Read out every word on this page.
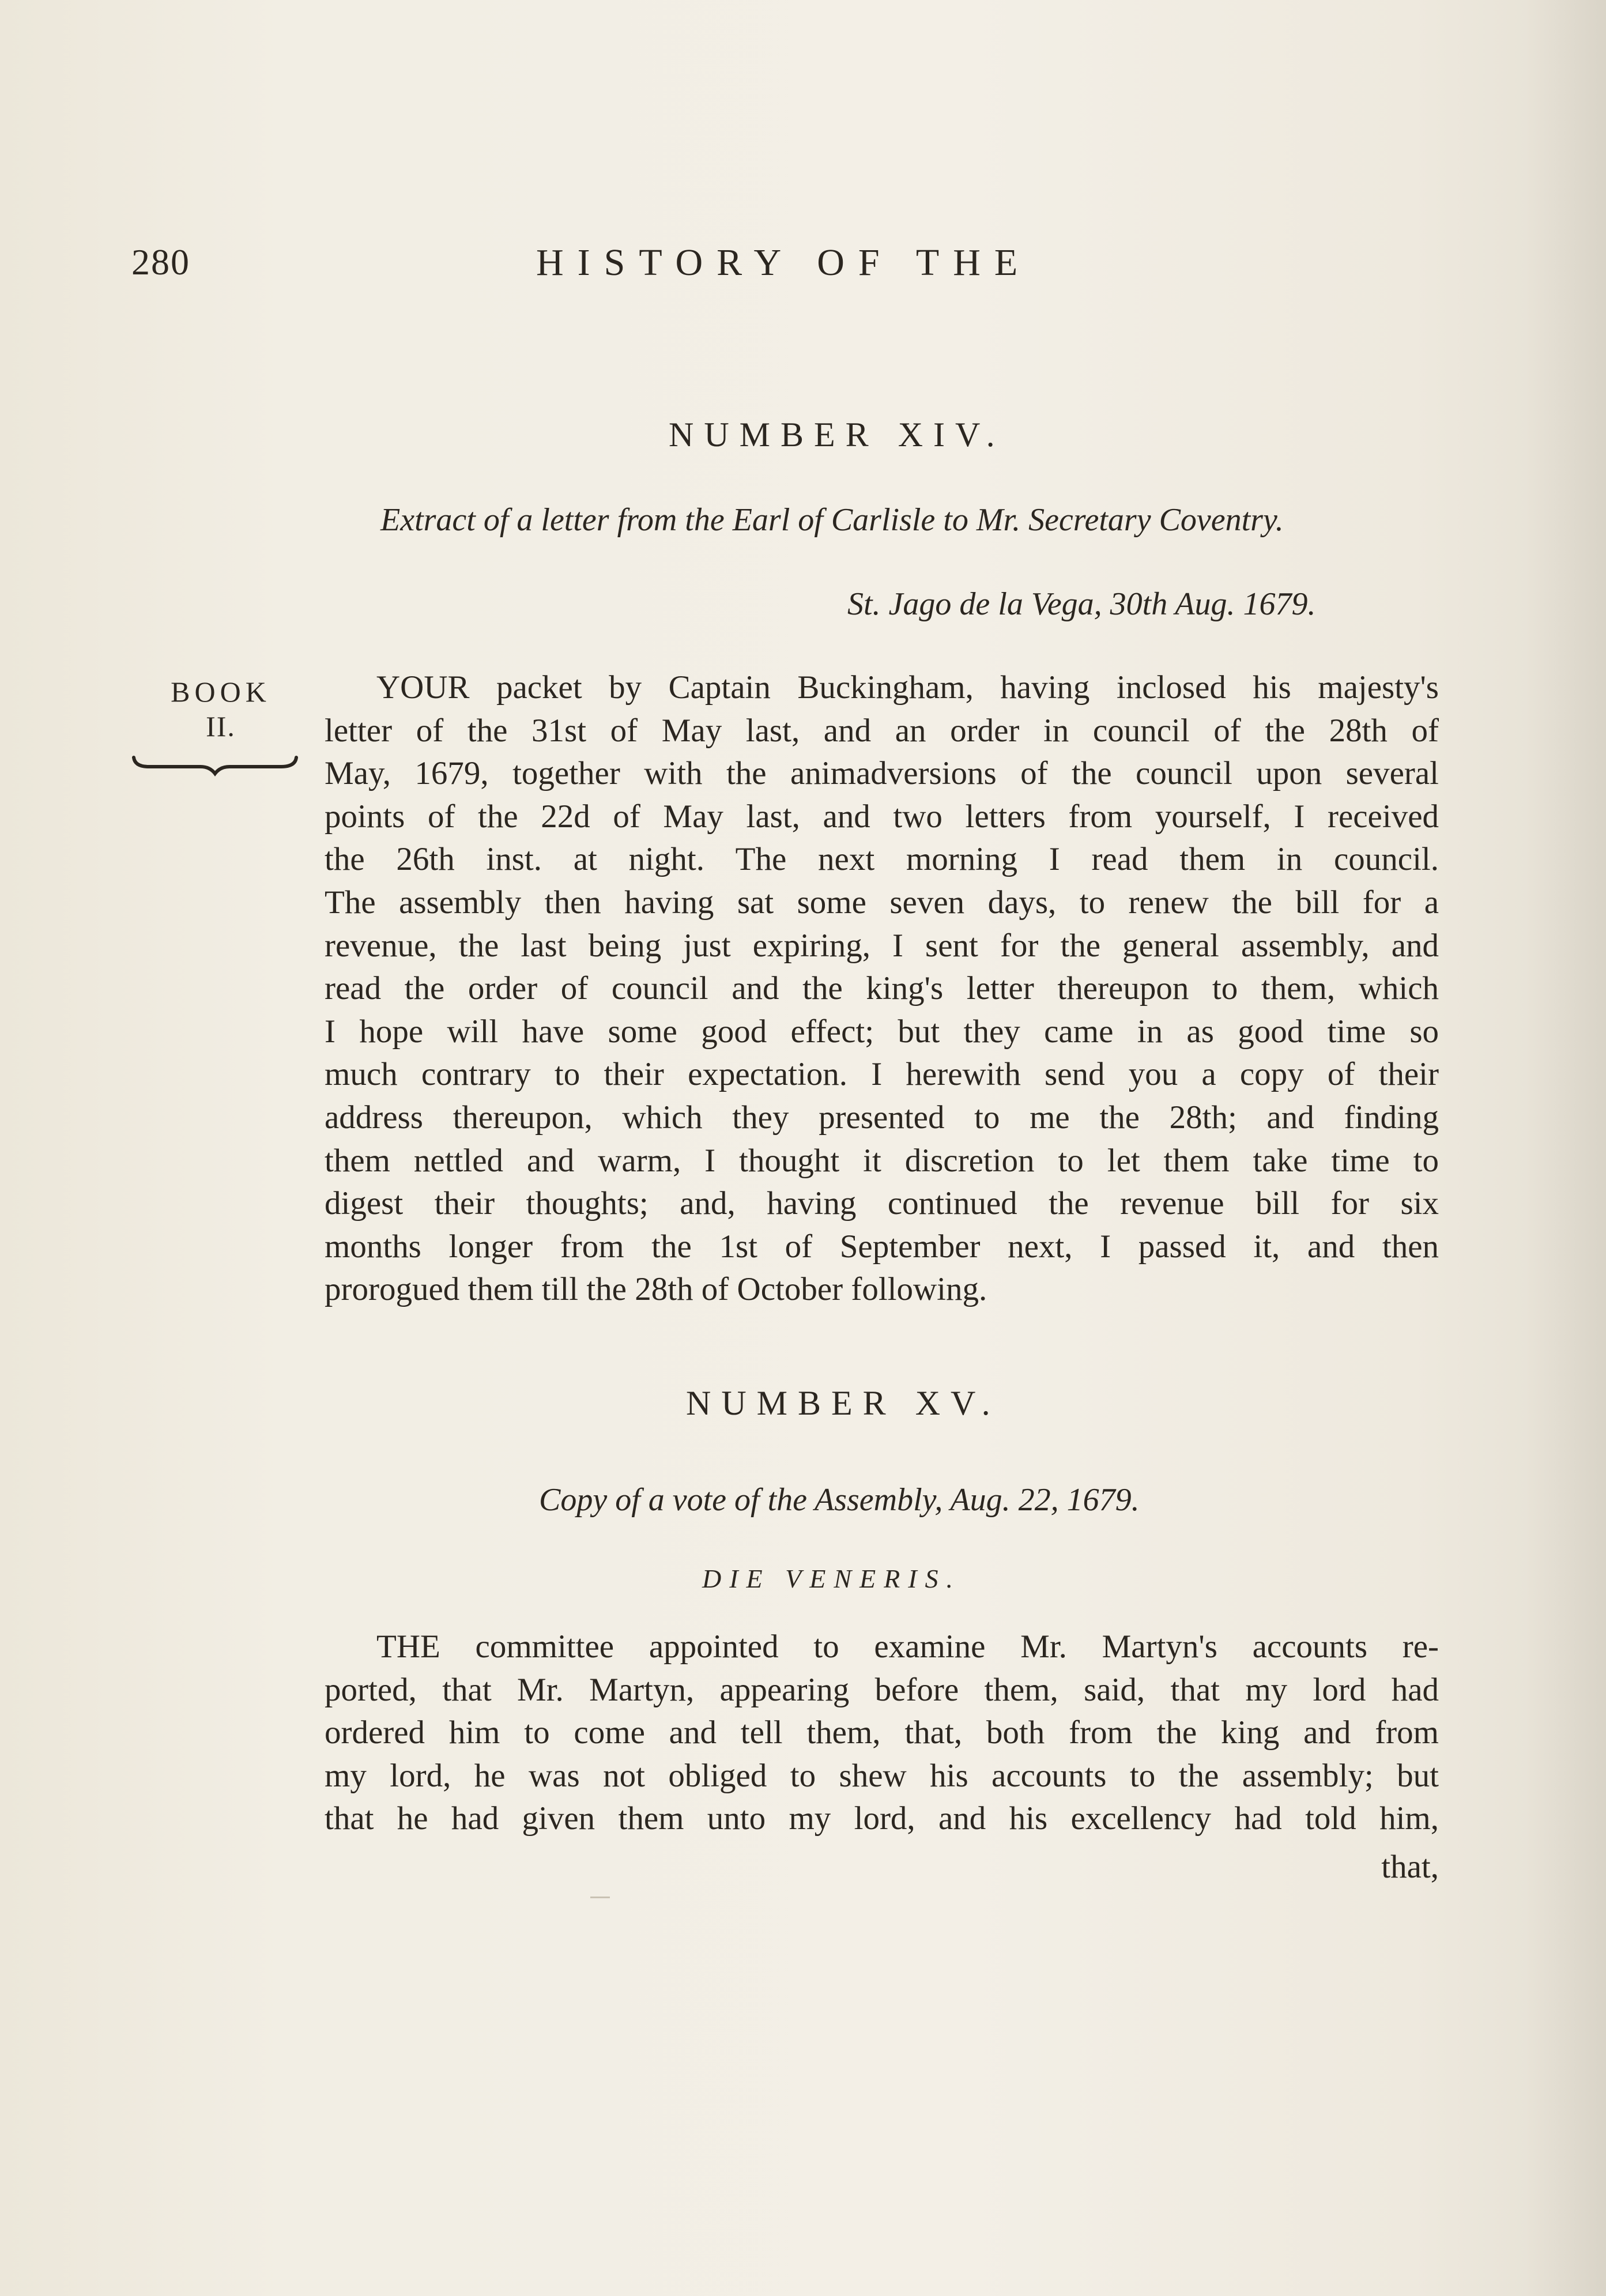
280	HISTORY OF THE
NUMBER XIV.

Extract of a letter from the Earl of Carlisle to Mr. Secretary Coventry.

St. Jago de la Vega, 30th Aug. 1679.

BOOK
II.
YOUR packet by Captain Buckingham, having inclosed his majesty's
letter of the 31st of May last, and an order in council of the 28th of
May, 1679, together with the animadversions of the council upon several
points of the 22d of May last, and two letters from yourself, I received
the 26th inst. at night. The next morning I read them in council.
The assembly then having sat some seven days, to renew the bill for a
revenue, the last being just expiring, I sent for the general assembly, and
read the order of council and the king's letter thereupon to them, which
I hope will have some good effect; but they came in as good time so
much contrary to their expectation. I herewith send you a copy of their
address thereupon, which they presented to me the 28th; and finding
them nettled and warm, I thought it discretion to let them take time to
digest their thoughts; and, having continued the revenue bill for six
months longer from the 1st of September next, I passed it, and then
prorogued them till the 28th of October following.
NUMBER XV.

Copy of a vote of the Assembly, Aug. 22, 1679.

DIE VENERIS.

THE committee appointed to examine Mr. Martyn's accounts re-
ported, that Mr. Martyn, appearing before them, said, that my lord had
ordered him to come and tell them, that, both from the king and from
my lord, he was not obliged to shew his accounts to the assembly; but
that he had given them unto my lord, and his excellency had told him,

that,
